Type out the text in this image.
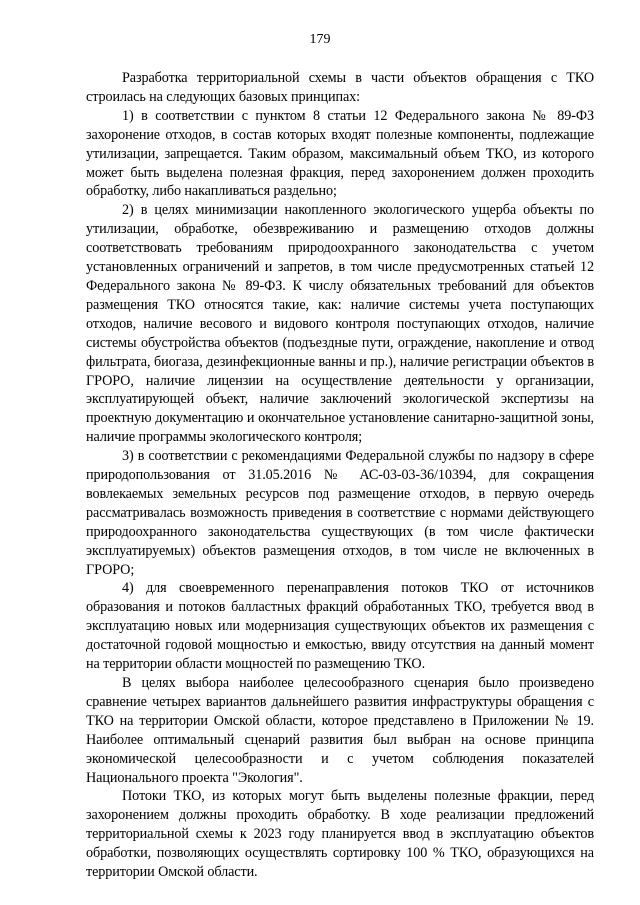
179

Разработка территориальной схемы в части объектов обращения с ТКО строилась на следующих базовых принципах:

1) в соответствии с пунктом 8 статьи 12 Федерального закона № 89-ФЗ захоронение отходов, в состав которых входят полезные компоненты, подлежащие утилизации, запрещается. Таким образом, максимальный объем ТКО, из которого может быть выделена полезная фракция, перед захоронением должен проходить обработку, либо накапливаться раздельно;

2) в целях минимизации накопленного экологического ущерба объекты по утилизации, обработке, обезвреживанию и размещению отходов должны соответствовать требованиям природоохранного законодательства с учетом установленных ограничений и запретов, в том числе предусмотренных статьей 12 Федерального закона № 89-ФЗ. К числу обязательных требований для объектов размещения ТКО относятся такие, как: наличие системы учета поступающих отходов, наличие весового и видового контроля поступающих отходов, наличие системы обустройства объектов (подъездные пути, ограждение, накопление и отвод фильтрата, биогаза, дезинфекционные ванны и пр.), наличие регистрации объектов в ГРОРО, наличие лицензии на осуществление деятельности у организации, эксплуатирующей объект, наличие заключений экологической экспертизы на проектную документацию и окончательное установление санитарно-защитной зоны, наличие программы экологического контроля;

3) в соответствии с рекомендациями Федеральной службы по надзору в сфере природопользования от 31.05.2016 № АС-03-03-36/10394, для сокращения вовлекаемых земельных ресурсов под размещение отходов, в первую очередь рассматривалась возможность приведения в соответствие с нормами действующего природоохранного законодательства существующих (в том числе фактически эксплуатируемых) объектов размещения отходов, в том числе не включенных в ГРОРО;

4) для своевременного перенаправления потоков ТКО от источников образования и потоков балластных фракций обработанных ТКО, требуется ввод в эксплуатацию новых или модернизация существующих объектов их размещения с достаточной годовой мощностью и емкостью, ввиду отсутствия на данный момент на территории области мощностей по размещению ТКО.

В целях выбора наиболее целесообразного сценария было произведено сравнение четырех вариантов дальнейшего развития инфраструктуры обращения с ТКО на территории Омской области, которое представлено в Приложении № 19. Наиболее оптимальный сценарий развития был выбран на основе принципа экономической целесообразности и с учетом соблюдения показателей Национального проекта "Экология".

Потоки ТКО, из которых могут быть выделены полезные фракции, перед захоронением должны проходить обработку. В ходе реализации предложений территориальной схемы к 2023 году планируется ввод в эксплуатацию объектов обработки, позволяющих осуществлять сортировку 100 % ТКО, образующихся на территории Омской области.
